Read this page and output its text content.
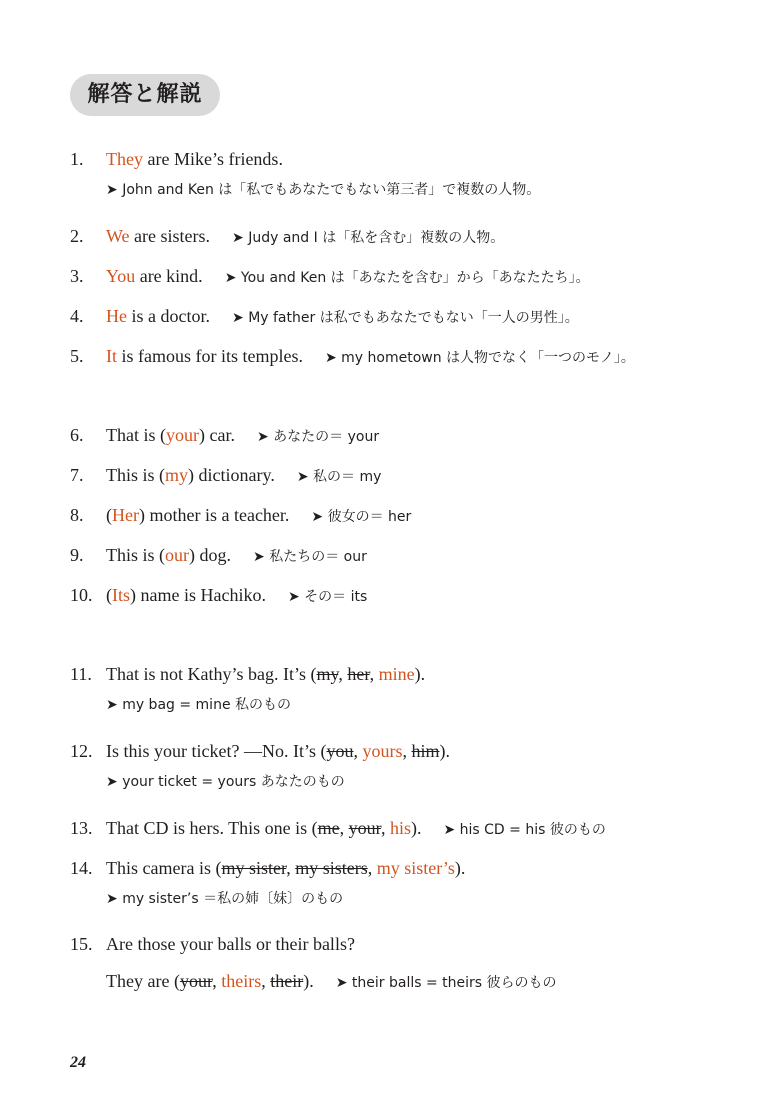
解答と解説
1. They are Mike’s friends.
➤ John and Ken は「私でもあなたでもない第三者」で複数の人物。
2. We are sisters. ➤ Judy and I は「私を含む」複数の人物。
3. You are kind. ➤ You and Ken は「あなたを含む」から「あなたたち」。
4. He is a doctor. ➤ My father は私でもあなたでもない「一人の男性」。
5. It is famous for its temples. ➤ my hometown は人物でなく「一つのモノ」。
6. That is (your) car. ➤ あなたの＝ your
7. This is (my) dictionary. ➤ 私の＝ my
8. (Her) mother is a teacher. ➤ 彼女の＝ her
9. This is (our) dog. ➤ 私たちの＝ our
10. (Its) name is Hachiko. ➤ その＝ its
11. That is not Kathy’s bag. It’s (my, her, mine).
➤ my bag = mine 私のもの
12. Is this your ticket? —No. It’s (you, yours, him).
➤ your ticket = yours あなたのもの
13. That CD is hers. This one is (me, your, his). ➤ his CD = his 彼のもの
14. This camera is (my sister, my sisters, my sister’s).
➤ my sister’s ＝私の姉〔妹〕のもの
15. Are those your balls or their balls?
They are (your, theirs, their). ➤ their balls = theirs 彼らのもの
24
